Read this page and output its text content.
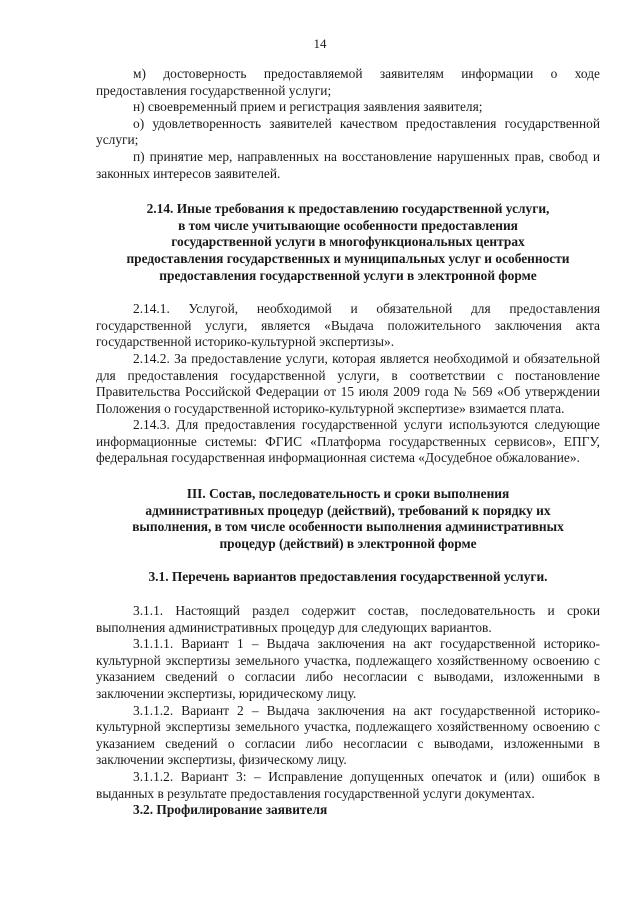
14

м) достоверность предоставляемой заявителям информации о ходе предоставления государственной услуги;

н) своевременный прием и регистрация заявления заявителя;

о) удовлетворенность заявителей качеством предоставления государственной услуги;

п) принятие мер, направленных на восстановление нарушенных прав, свобод и законных интересов заявителей.

2.14. Иные требования к предоставлению государственной услуги,

в том числе учитывающие особенности предоставления

государственной услуги в многофункциональных центрах

предоставления государственных и муниципальных услуг и особенности

предоставления государственной услуги в электронной форме

2.14.1. Услугой, необходимой и обязательной для предоставления государственной услуги, является «Выдача положительного заключения акта государственной историко-культурной экспертизы».

2.14.2. За предоставление услуги, которая является необходимой и обязательной для предоставления государственной услуги, в соответствии с постановление Правительства Российской Федерации от 15 июля 2009 года № 569 «Об утверждении Положения о государственной историко-культурной экспертизе» взимается плата.

2.14.3. Для предоставления государственной услуги используются следующие информационные системы: ФГИС «Платформа государственных сервисов», ЕПГУ, федеральная государственная информационная система «Досудебное обжалование».

III. Состав, последовательность и сроки выполнения

административных процедур (действий), требований к порядку их

выполнения, в том числе особенности выполнения административных

процедур (действий) в электронной форме

3.1. Перечень вариантов предоставления государственной услуги.

3.1.1. Настоящий раздел содержит состав, последовательность и сроки выполнения административных процедур для следующих вариантов.

3.1.1.1. Вариант 1 – Выдача заключения на акт государственной историко-культурной экспертизы земельного участка, подлежащего хозяйственному освоению с указанием сведений о согласии либо несогласии с выводами, изложенными в заключении экспертизы, юридическому лицу.

3.1.1.2. Вариант 2 – Выдача заключения на акт государственной историко-культурной экспертизы земельного участка, подлежащего хозяйственному освоению с указанием сведений о согласии либо несогласии с выводами, изложенными в заключении экспертизы, физическому лицу.

3.1.1.2. Вариант 3: – Исправление допущенных опечаток и (или) ошибок в выданных в результате предоставления государственной услуги документах.

3.2. Профилирование заявителя
